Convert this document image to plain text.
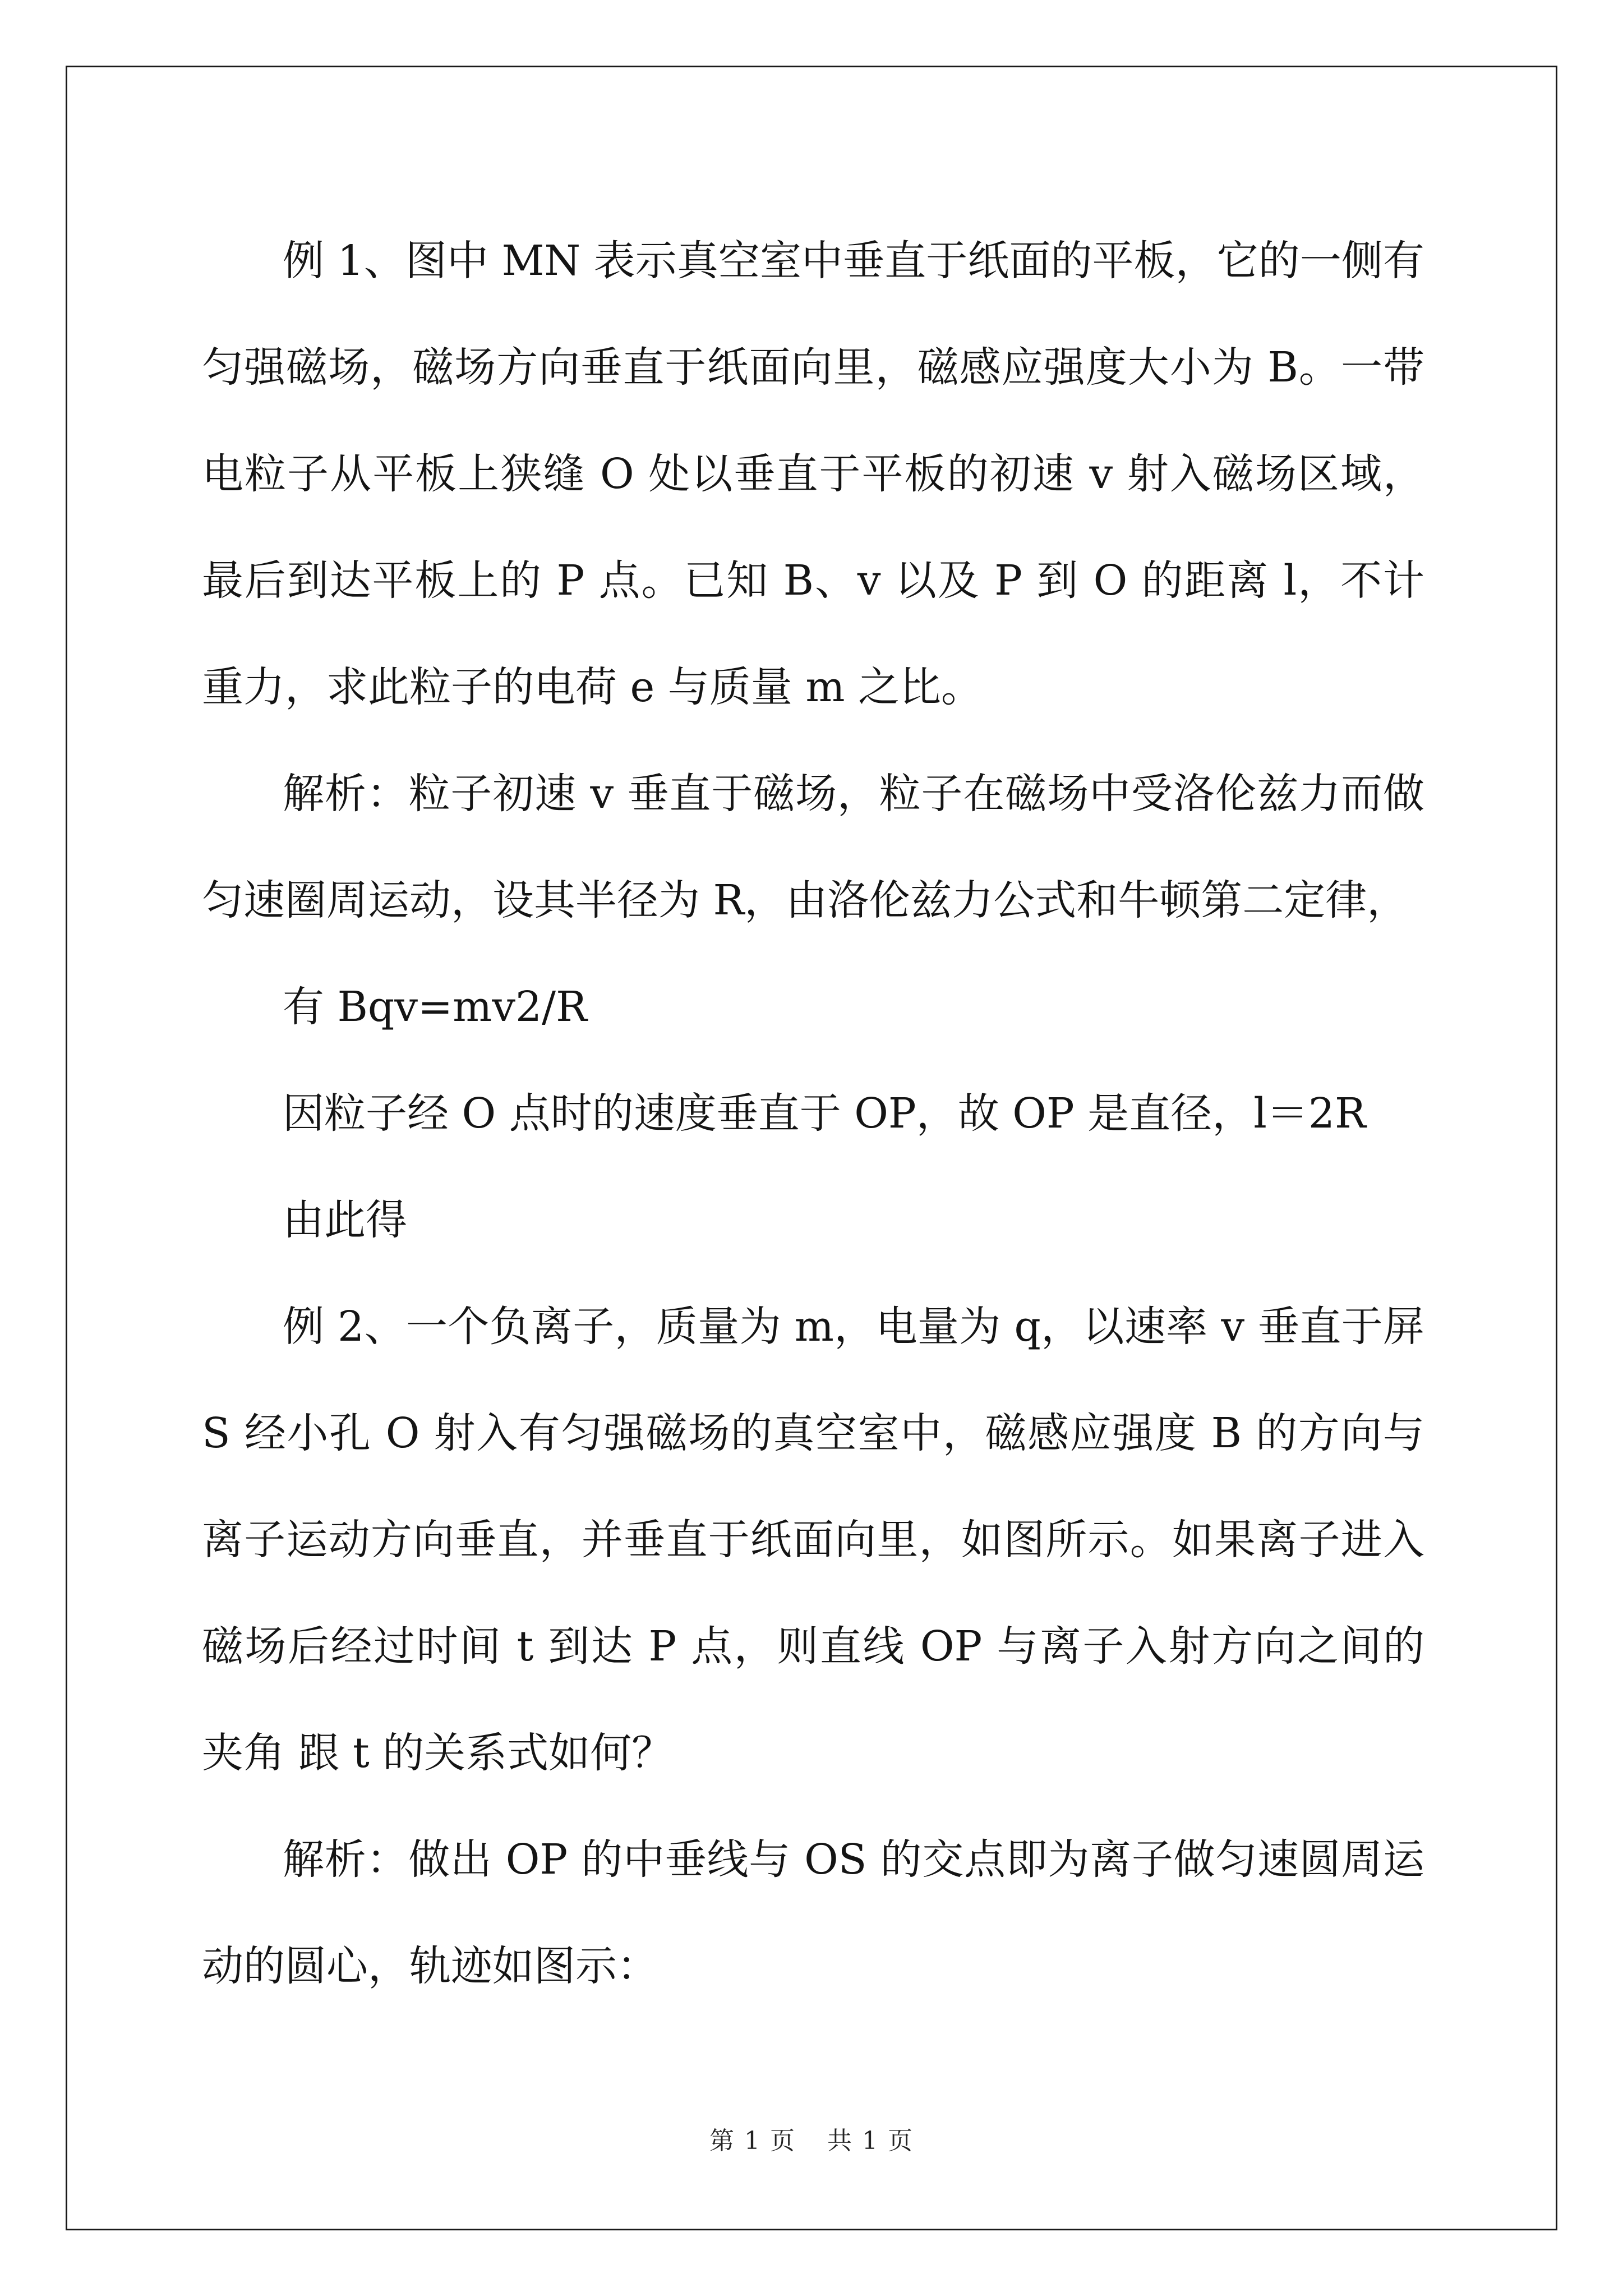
例 1、图中 MN 表示真空室中垂直于纸面的平板，它的一侧有匀强磁场，磁场方向垂直于纸面向里，磁感应强度大小为 B。一带电粒子从平板上狭缝 O 处以垂直于平板的初速 v 射入磁场区域，最后到达平板上的 P 点。已知 B、v 以及 P 到 O 的距离 l，不计重力，求此粒子的电荷 e 与质量 m 之比。

解析：粒子初速 v 垂直于磁场，粒子在磁场中受洛伦兹力而做匀速圈周运动，设其半径为 R，由洛伦兹力公式和牛顿第二定律，

有 Bqv=mv2/R

因粒子经 O 点时的速度垂直于 OP，故 OP 是直径，l＝2R

由此得

例 2、一个负离子，质量为 m，电量为 q，以速率 v 垂直于屏 S 经小孔 O 射入有匀强磁场的真空室中，磁感应强度 B 的方向与离子运动方向垂直，并垂直于纸面向里，如图所示。如果离子进入磁场后经过时间 t 到达 P 点，则直线 OP 与离子入射方向之间的夹角 跟 t 的关系式如何？

解析：做出 OP 的中垂线与 OS 的交点即为离子做匀速圆周运动的圆心，轨迹如图示：

第 1 页 共 1 页
